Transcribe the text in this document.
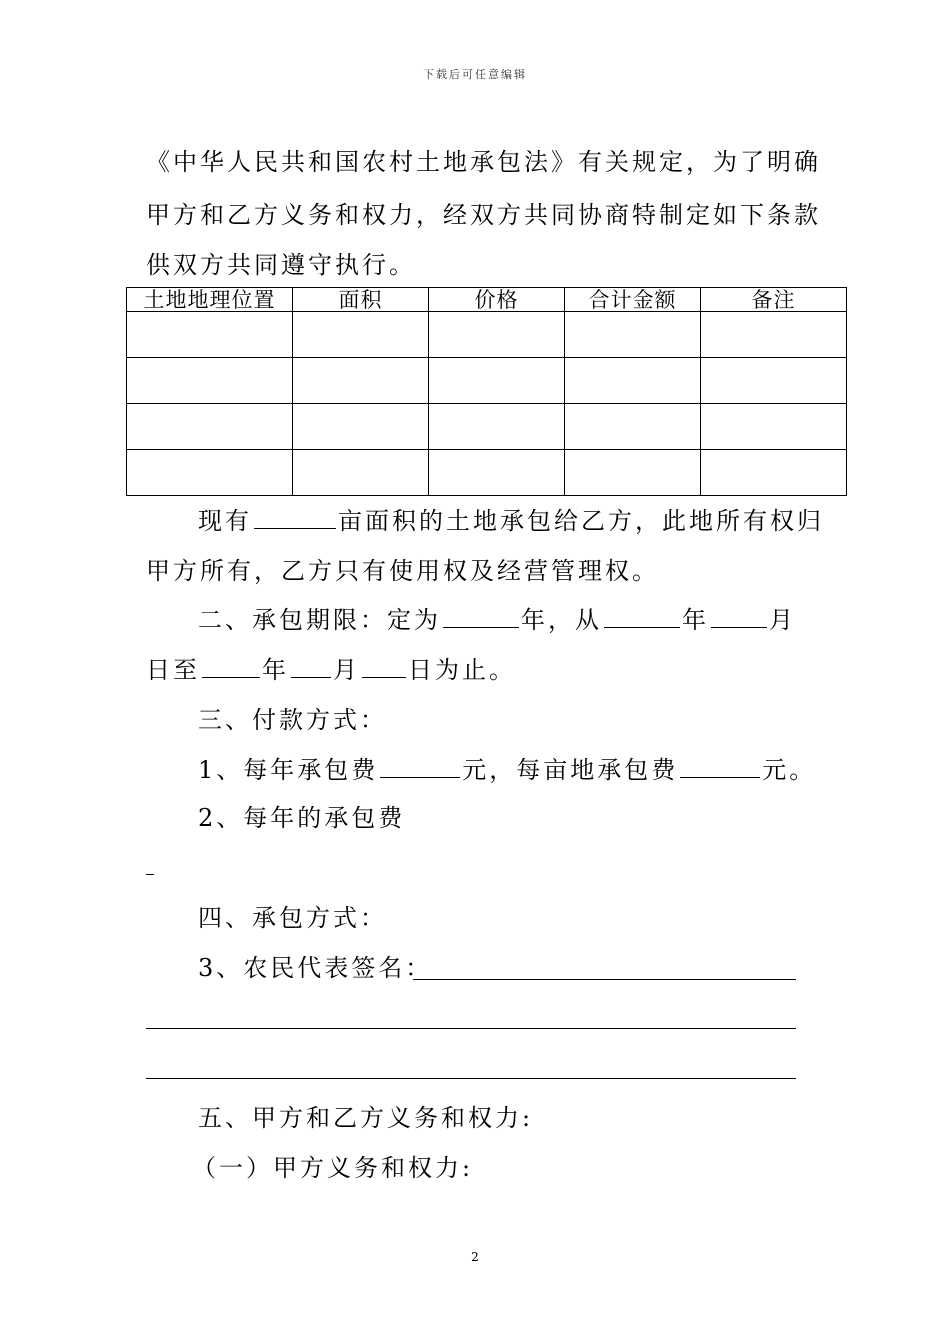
下载后可任意编辑
《中华人民共和国农村土地承包法》有关规定，为了明确
甲方和乙方义务和权力，经双方共同协商特制定如下条款
供双方共同遵守执行。
土地地理位置	面积	价格	合计金额	备注

现有	亩面积的土地承包给乙方，此地所有权归
甲方所有，乙方只有使用权及经营管理权。
二、承包期限：定为	年，从	年	月
日至	年 月 日为止。
三、付款方式：
1、每年承包费	元，每亩地承包费	元。
2、每年的承包费
四、承包方式：
3、农民代表签名：
五、甲方和乙方义务和权力:
（一）甲方义务和权力:
2
